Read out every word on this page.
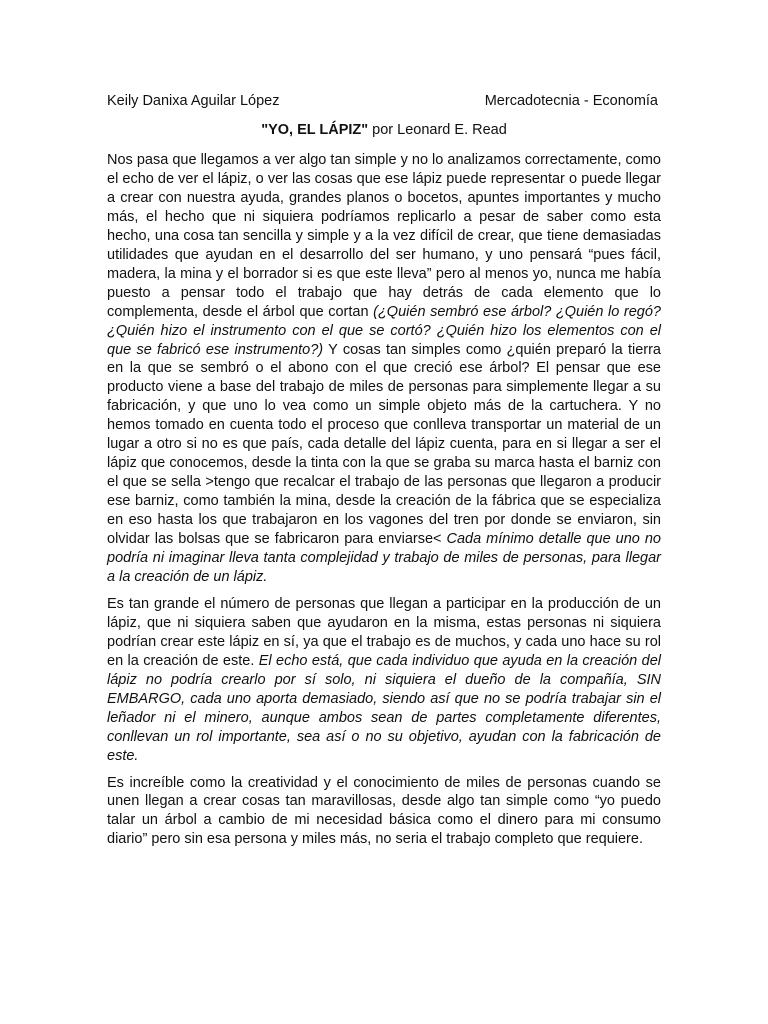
Keily Danixa Aguilar López	Mercadotecnia - Economía
"YO, EL LÁPIZ" por Leonard E. Read

Nos pasa que llegamos a ver algo tan simple y no lo analizamos correctamente, como el echo de ver el lápiz, o ver las cosas que ese lápiz puede representar o puede llegar a crear con nuestra ayuda, grandes planos o bocetos, apuntes importantes y mucho más, el hecho que ni siquiera podríamos replicarlo a pesar de saber como esta hecho, una cosa tan sencilla y simple y a la vez difícil de crear, que tiene demasiadas utilidades que ayudan en el desarrollo del ser humano, y uno pensará “pues fácil, madera, la mina y el borrador si es que este lleva” pero al menos yo, nunca me había puesto a pensar todo el trabajo que hay detrás de cada elemento que lo complementa, desde el árbol que cortan (¿Quién sembró ese árbol? ¿Quién lo regó? ¿Quién hizo el instrumento con el que se cortó? ¿Quién hizo los elementos con el que se fabricó ese instrumento?) Y cosas tan simples como ¿quién preparó la tierra en la que se sembró o el abono con el que creció ese árbol? El pensar que ese producto viene a base del trabajo de miles de personas para simplemente llegar a su fabricación, y que uno lo vea como un simple objeto más de la cartuchera. Y no hemos tomado en cuenta todo el proceso que conlleva transportar un material de un lugar a otro si no es que país, cada detalle del lápiz cuenta, para en si llegar a ser el lápiz que conocemos, desde la tinta con la que se graba su marca hasta el barniz con el que se sella >tengo que recalcar el trabajo de las personas que llegaron a producir ese barniz, como también la mina, desde la creación de la fábrica que se especializa en eso hasta los que trabajaron en los vagones del tren por donde se enviaron, sin olvidar las bolsas que se fabricaron para enviarse< Cada mínimo detalle que uno no podría ni imaginar lleva tanta complejidad y trabajo de miles de personas, para llegar a la creación de un lápiz.

Es tan grande el número de personas que llegan a participar en la producción de un lápiz, que ni siquiera saben que ayudaron en la misma, estas personas ni siquiera podrían crear este lápiz en sí, ya que el trabajo es de muchos, y cada uno hace su rol en la creación de este. El echo está, que cada individuo que ayuda en la creación del lápiz no podría crearlo por sí solo, ni siquiera el dueño de la compañía, SIN EMBARGO, cada uno aporta demasiado, siendo así que no se podría trabajar sin el leñador ni el minero, aunque ambos sean de partes completamente diferentes, conllevan un rol importante, sea así o no su objetivo, ayudan con la fabricación de este.

Es increíble como la creatividad y el conocimiento de miles de personas cuando se unen llegan a crear cosas tan maravillosas, desde algo tan simple como “yo puedo talar un árbol a cambio de mi necesidad básica como el dinero para mi consumo diario” pero sin esa persona y miles más, no seria el trabajo completo que requiere.
